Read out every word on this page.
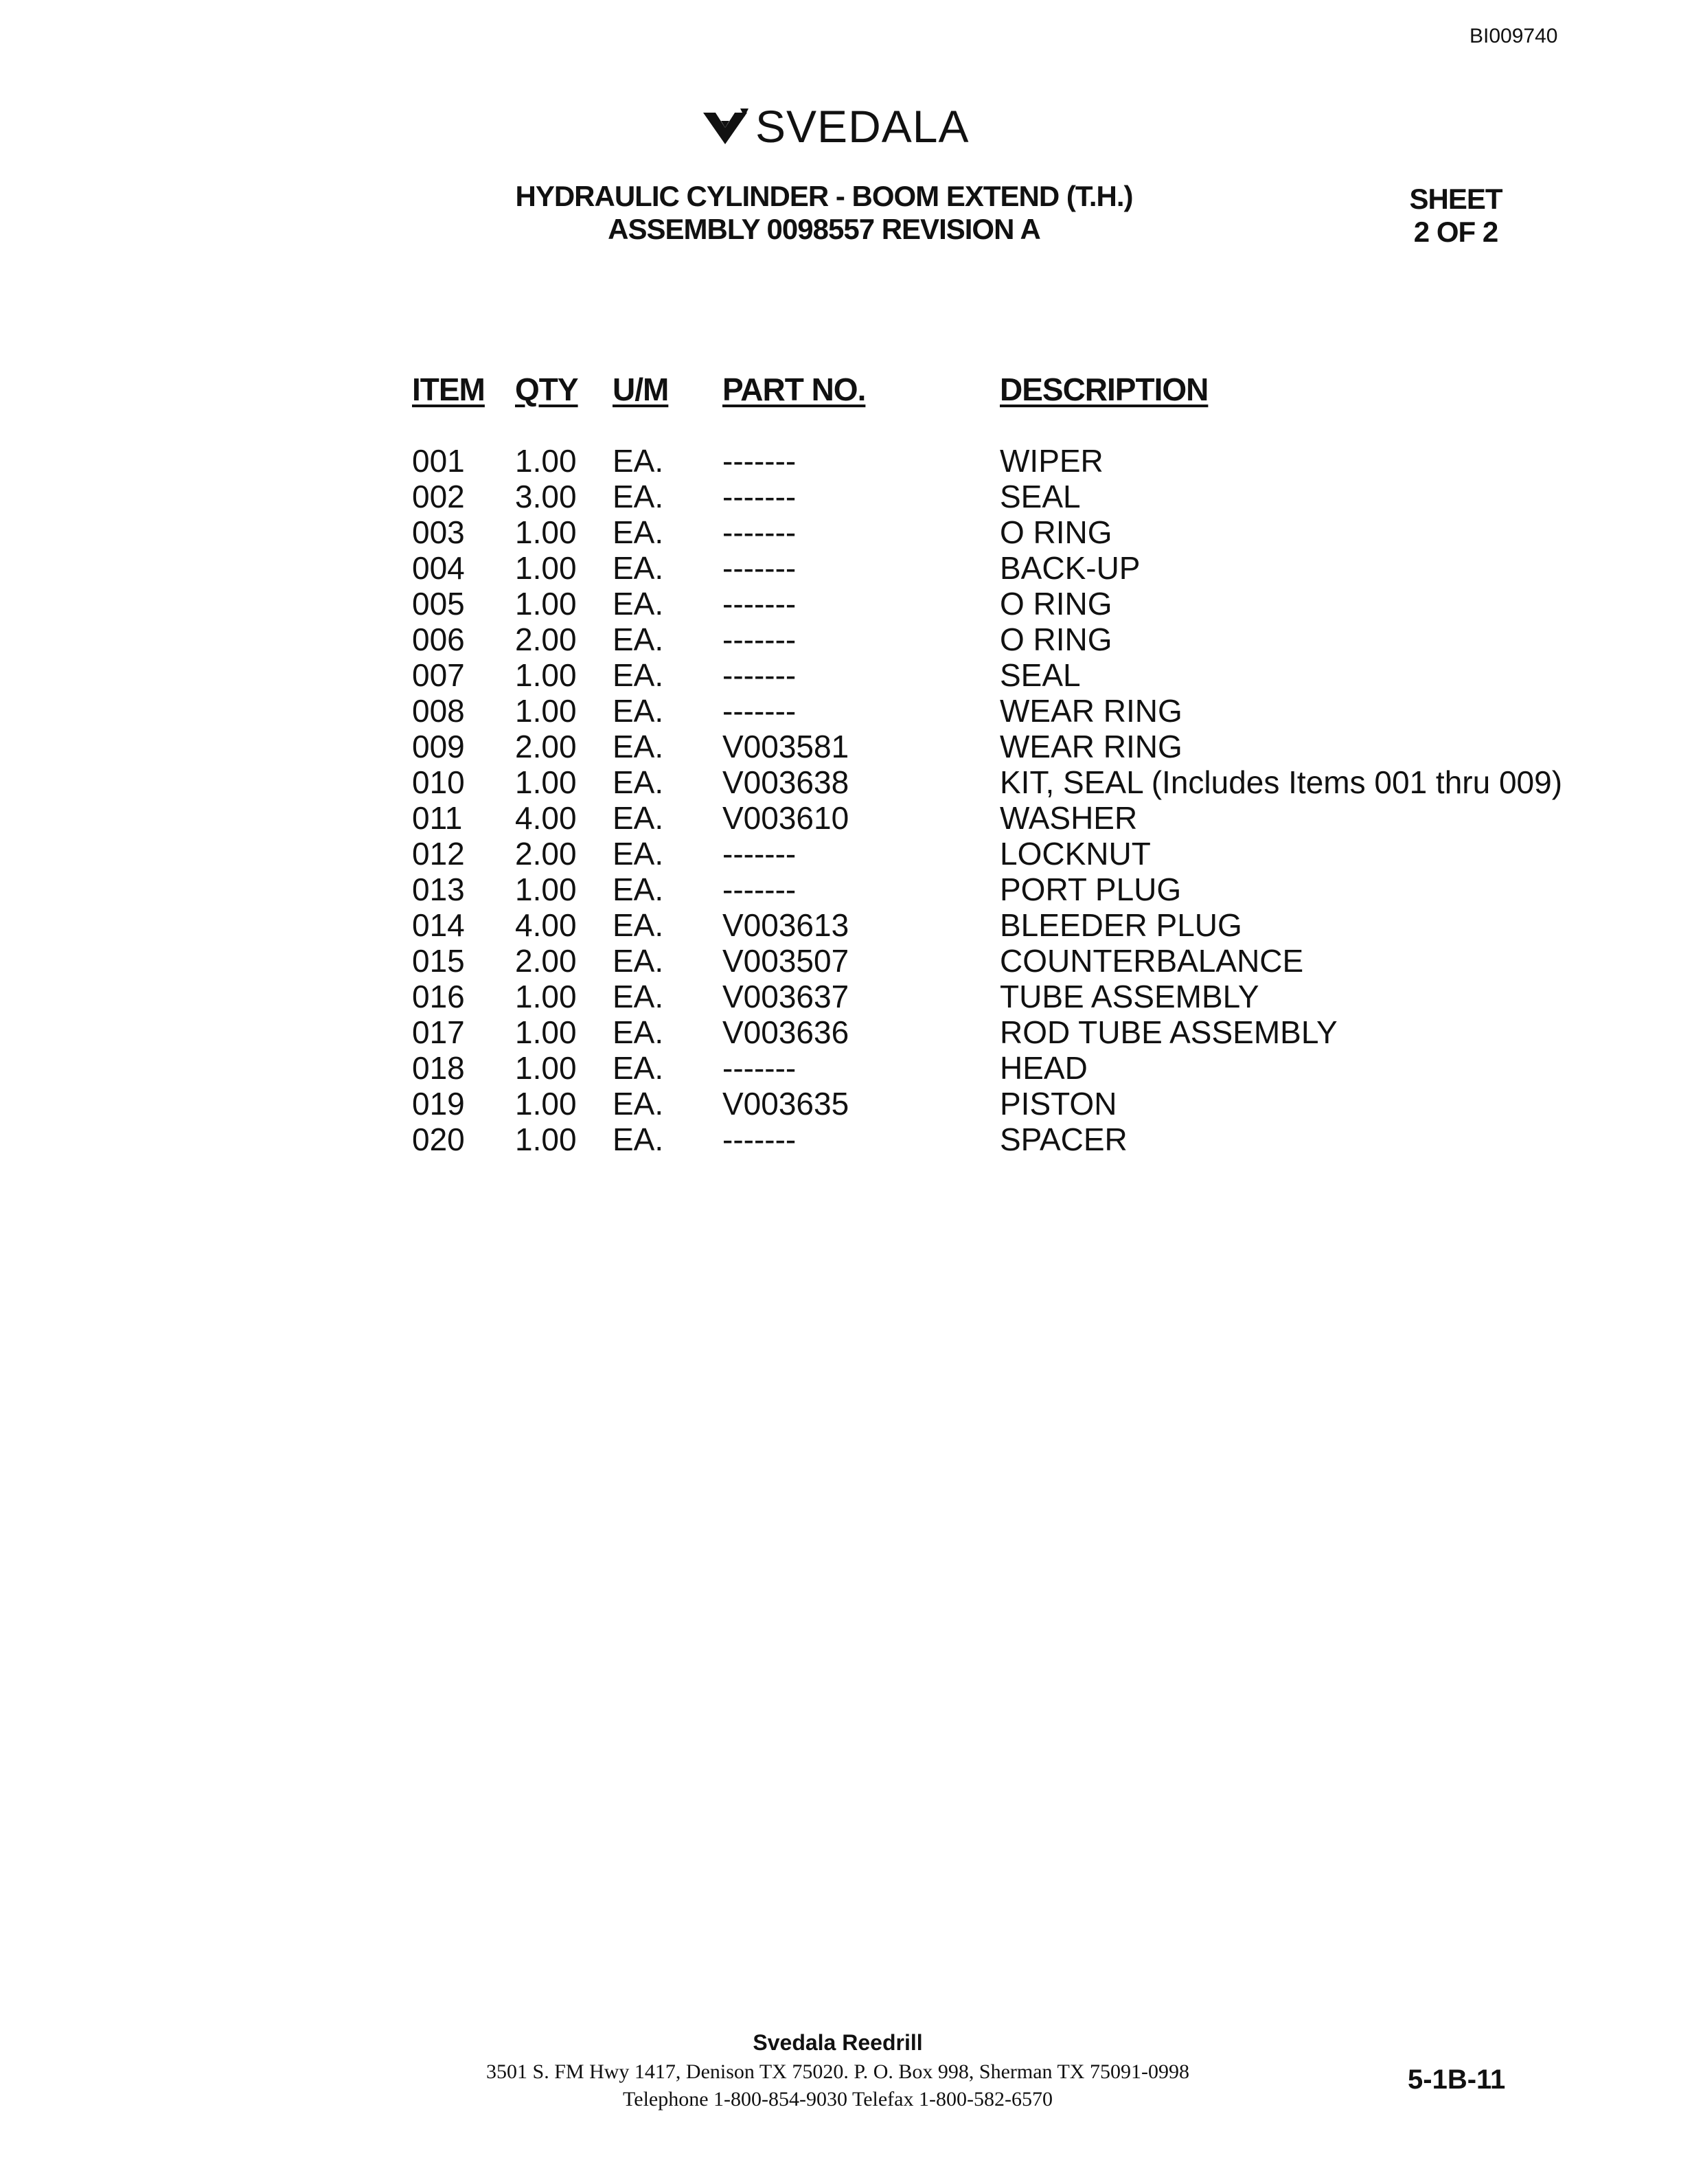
BI009740
SVEDALA
HYDRAULIC CYLINDER - BOOM EXTEND (T.H.)
ASSEMBLY 0098557 REVISION A
SHEET
2 OF 2
ITEM QTY U/M PART NO.	DESCRIPTION
001 1.00 EA. -------	WIPER
002 3.00 EA. -------	SEAL
003 1.00 EA. -------	O RING
004 1.00 EA. -------	BACK-UP
005 1.00 EA. -------	O RING
006 2.00 EA. -------	O RING
007 1.00 EA. -------	SEAL
008 1.00 EA. -------	WEAR RING
009 2.00 EA. V003581	WEAR RING
010 1.00 EA. V003638	KIT, SEAL (Includes Items 001 thru 009)
011 4.00 EA. V003610	WASHER
012 2.00 EA. -------	LOCKNUT
013 1.00 EA. -------	PORT PLUG
014 4.00 EA. V003613	BLEEDER PLUG
015 2.00 EA. V003507	COUNTERBALANCE
016 1.00 EA. V003637	TUBE ASSEMBLY
017 1.00 EA. V003636	ROD TUBE ASSEMBLY
018 1.00 EA. -------	HEAD
019 1.00 EA. V003635	PISTON
020 1.00 EA. -------	SPACER
Svedala Reedrill
3501 S. FM Hwy 1417, Denison TX 75020. P. O. Box 998, Sherman TX 75091-0998
Telephone 1-800-854-9030 Telefax 1-800-582-6570
5-1B-11
